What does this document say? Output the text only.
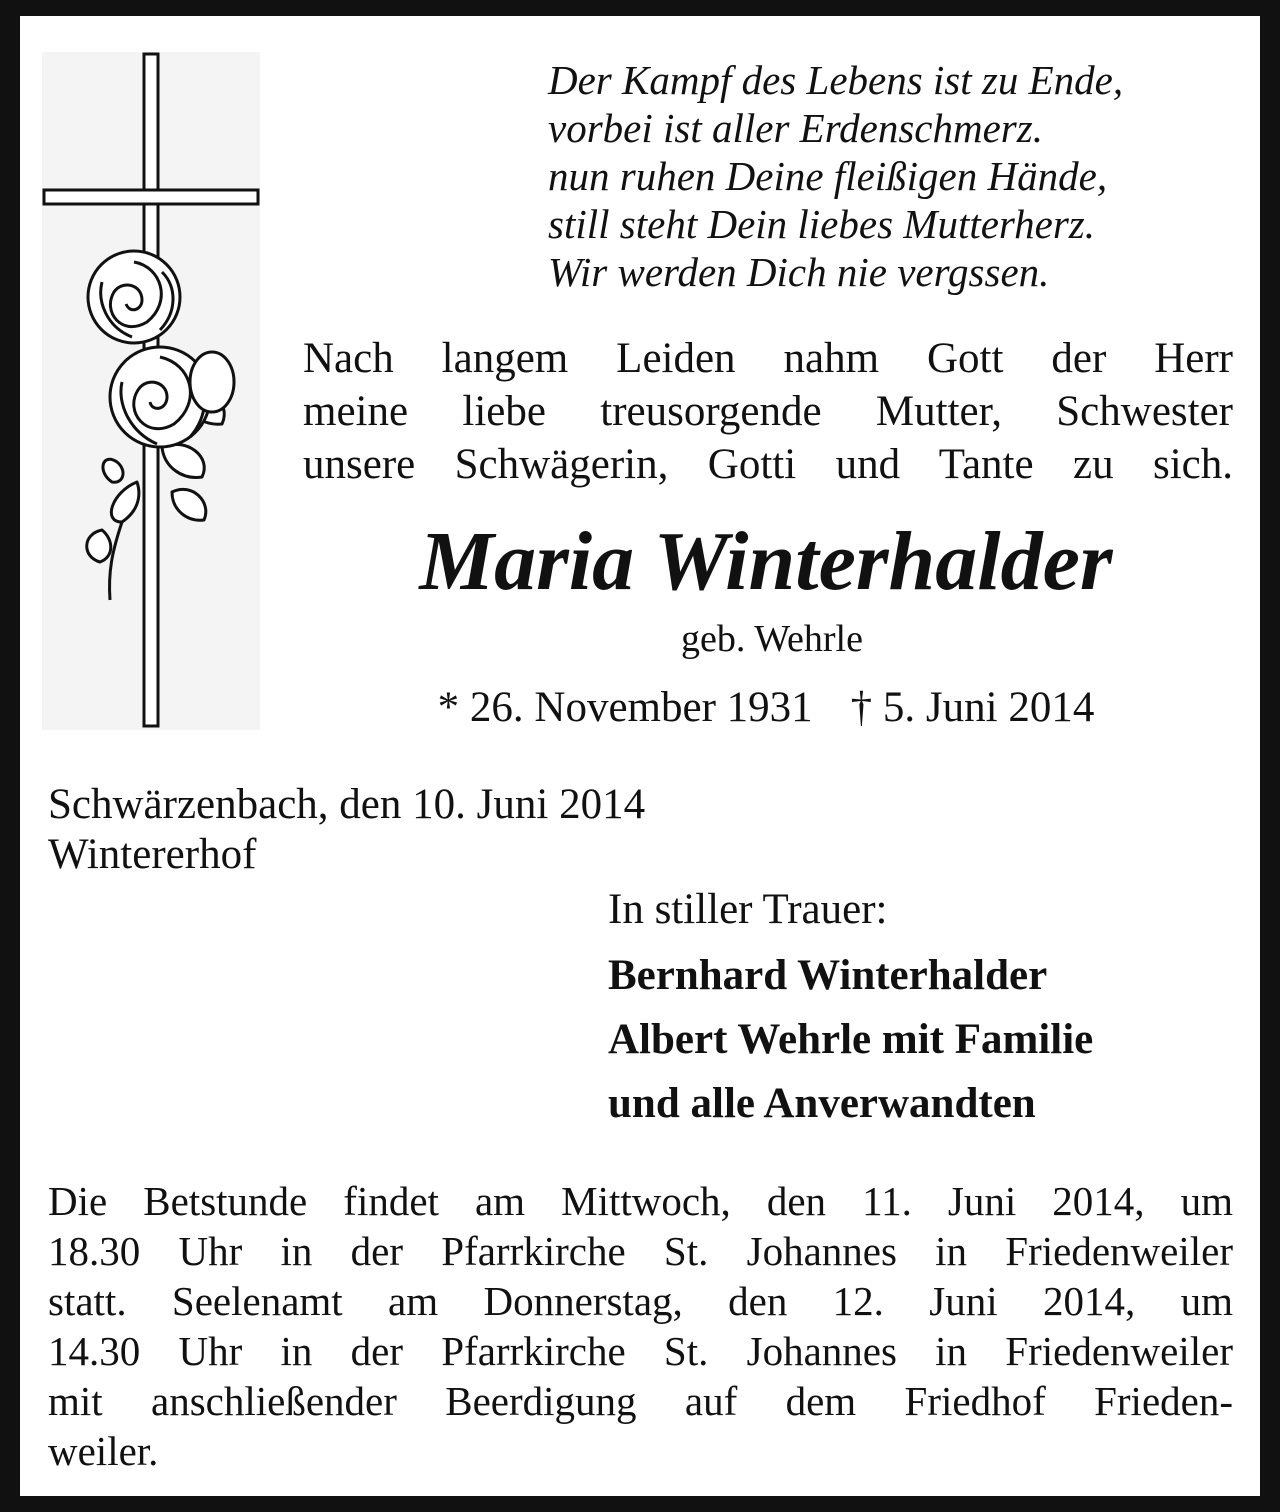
Der Kampf des Lebens ist zu Ende,
vorbei ist aller Erdenschmerz.
nun ruhen Deine fleißigen Hände,
still steht Dein liebes Mutterherz.
Wir werden Dich nie vergssen.
Nach langem Leiden nahm Gott der Herr
meine liebe treusorgende Mutter, Schwester
unsere Schwägerin, Gotti und Tante zu sich.
Maria Winterhalder
geb. Wehrle
* 26. November 1931 † 5. Juni 2014
Schwärzenbach, den 10. Juni 2014
Wintererhof
In stiller Trauer:
Bernhard Winterhalder
Albert Wehrle mit Familie
und alle Anverwandten
Die Betstunde findet am Mittwoch, den 11. Juni 2014, um
18.30 Uhr in der Pfarrkirche St. Johannes in Friedenweiler
statt. Seelenamt am Donnerstag, den 12. Juni 2014, um
14.30 Uhr in der Pfarrkirche St. Johannes in Friedenweiler
mit anschließender Beerdigung auf dem Friedhof Frieden-
weiler.
